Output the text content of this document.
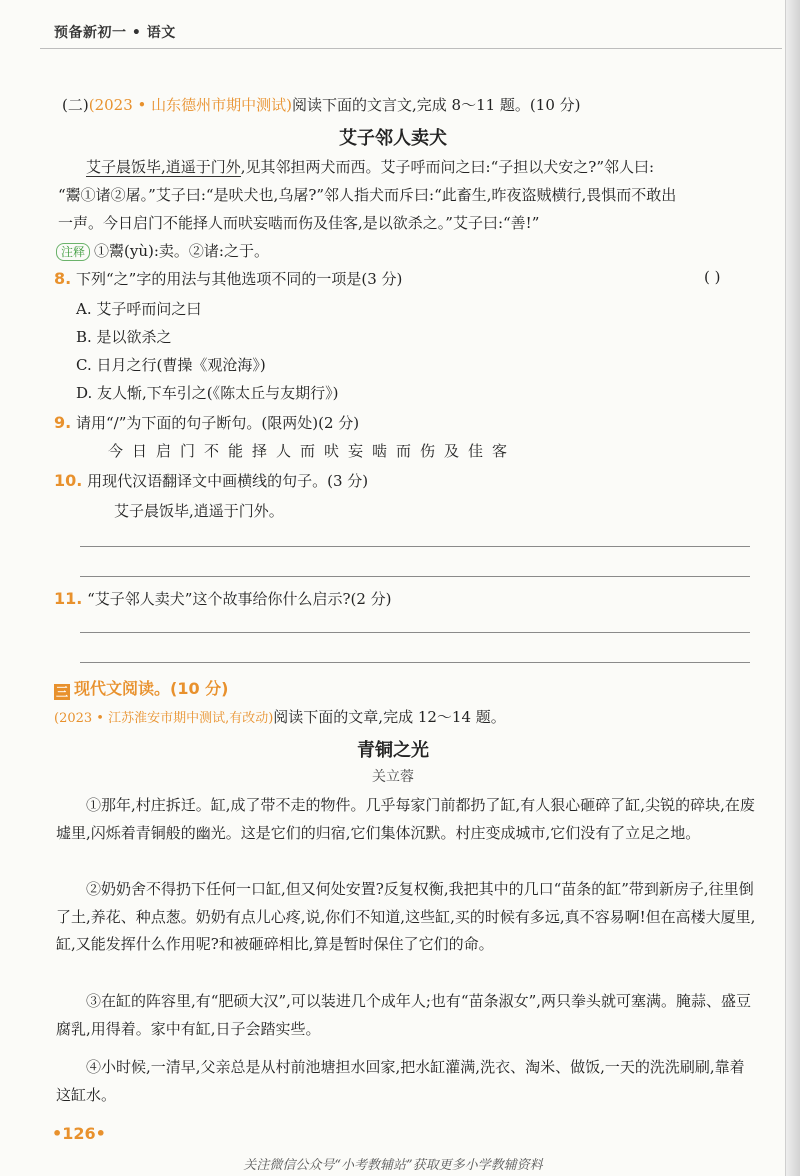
预备新初一 • 语文
(二)(2023 • 山东德州市期中测试)阅读下面的文言文,完成 8～11 题。(10 分)
艾子邻人卖犬
艾子晨饭毕,逍遥于门外,见其邻担两犬而西。艾子呼而问之曰:“子担以犬安之?”邻人曰:
“鬻①诸②屠。”艾子曰:“是吠犬也,乌屠?”邻人指犬而斥曰:“此畜生,昨夜盗贼横行,畏惧而不敢出
一声。今日启门不能择人而吠妄啮而伤及佳客,是以欲杀之。”艾子曰:“善!”
注释 ①鬻(yù):卖。②诸:之于。
8. 下列“之”字的用法与其他选项不同的一项是(3 分)	( )
A. 艾子呼而问之曰
B. 是以欲杀之
C. 日月之行(曹操《观沧海》)
D. 友人惭,下车引之(《陈太丘与友期行》)
9. 请用“/”为下面的句子断句。(限两处)(2 分)
今日启门不能择人而吠妄啮而伤及佳客
10. 用现代汉语翻译文中画横线的句子。(3 分)
艾子晨饭毕,逍遥于门外。
11. “艾子邻人卖犬”这个故事给你什么启示?(2 分)
三 现代文阅读。(10 分)
(2023 • 江苏淮安市期中测试,有改动)阅读下面的文章,完成 12～14 题。
青铜之光
关立蓉
①那年,村庄拆迁。缸,成了带不走的物件。几乎每家门前都扔了缸,有人狠心砸碎了缸,尖锐的碎块,在废墟里,闪烁着青铜般的幽光。这是它们的归宿,它们集体沉默。村庄变成城市,它们没有了立足之地。
②奶奶舍不得扔下任何一口缸,但又何处安置?反复权衡,我把其中的几口“苗条的缸”带到新房子,往里倒了土,养花、种点葱。奶奶有点儿心疼,说,你们不知道,这些缸,买的时候有多远,真不容易啊!但在高楼大厦里,缸,又能发挥什么作用呢?和被砸碎相比,算是暂时保住了它们的命。
③在缸的阵容里,有“肥硕大汉”,可以装进几个成年人;也有“苗条淑女”,两只拳头就可塞满。腌蒜、盛豆腐乳,用得着。家中有缸,日子会踏实些。
④小时候,一清早,父亲总是从村前池塘担水回家,把水缸灌满,洗衣、淘米、做饭,一天的洗洗刷刷,靠着这缸水。
•126•
关注微信公众号“小考教辅站”获取更多小学教辅资料
